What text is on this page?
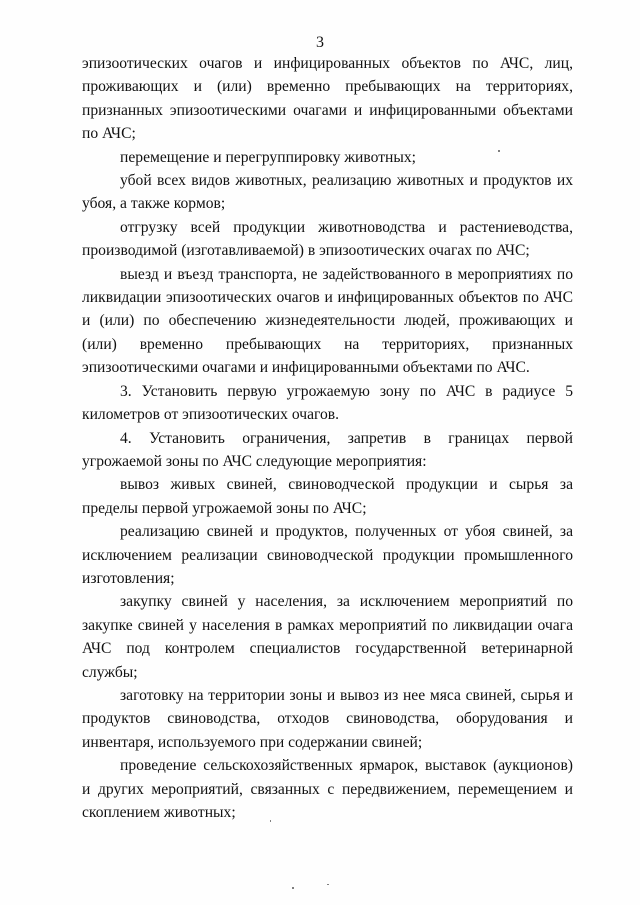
3

эпизоотических очагов и инфицированных объектов по АЧС, лиц, проживающих и (или) временно пребывающих на территориях, признанных эпизоотическими очагами и инфицированными объектами по АЧС;

перемещение и перегруппировку животных;

убой всех видов животных, реализацию животных и продуктов их убоя, а также кормов;

отгрузку всей продукции животноводства и растениеводства, производимой (изготавливаемой) в эпизоотических очагах по АЧС;

выезд и въезд транспорта, не задействованного в мероприятиях по ликвидации эпизоотических очагов и инфицированных объектов по АЧС и (или) по обеспечению жизнедеятельности людей, проживающих и (или) временно пребывающих на территориях, признанных эпизоотическими очагами и инфицированными объектами по АЧС.

3. Установить первую угрожаемую зону по АЧС в радиусе 5 километров от эпизоотических очагов.

4. Установить ограничения, запретив в границах первой угрожаемой зоны по АЧС следующие мероприятия:

вывоз живых свиней, свиноводческой продукции и сырья за пределы первой угрожаемой зоны по АЧС;

реализацию свиней и продуктов, полученных от убоя свиней, за исключением реализации свиноводческой продукции промышленного изготовления;

закупку свиней у населения, за исключением мероприятий по закупке свиней у населения в рамках мероприятий по ликвидации очага АЧС под контролем специалистов государственной ветеринарной службы;

заготовку на территории зоны и вывоз из нее мяса свиней, сырья и продуктов свиноводства, отходов свиноводства, оборудования и инвентаря, используемого при содержании свиней;

проведение сельскохозяйственных ярмарок, выставок (аукционов) и других мероприятий, связанных с передвижением, перемещением и скоплением животных;
